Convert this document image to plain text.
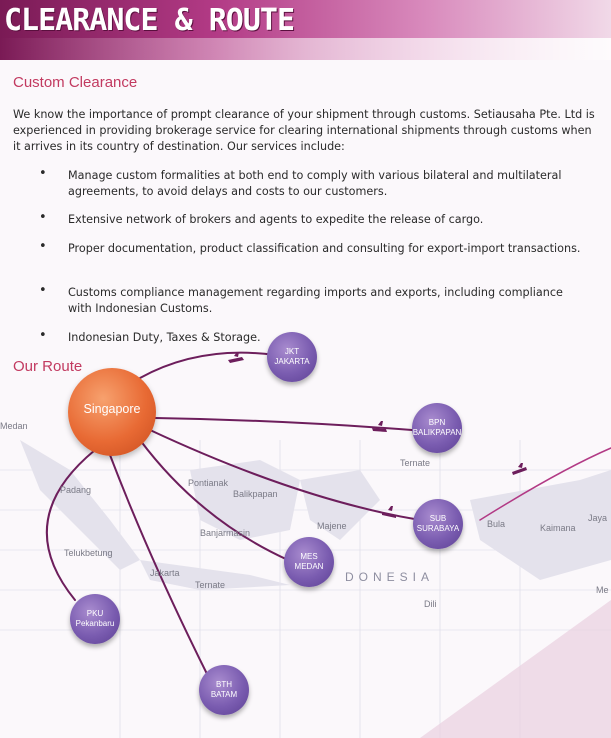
CLEARANCE & ROUTE
Custom Clearance
We know the importance of prompt clearance of your shipment through customs. Setiausaha Pte. Ltd is experienced in providing brokerage service for clearing international shipments through customs when it arrives in its country of destination. Our services include:
• Manage custom formalities at both end to comply with various bilateral and multilateral agreements, to avoid delays and costs to our customers.
• Extensive network of brokers and agents to expedite the release of cargo.
• Proper documentation, product classification and consulting for export-import transactions.
• Customs compliance management regarding imports and exports, including compliance with Indonesian Customs.
• Indonesian Duty, Taxes & Storage.
Our Route
Medan
Padang
Pontianak
Balikpapan
Ternate
Bula	Kaimana
Jaya
Banjarmasin
Majene
Telukbetung
Jakarta
Ternate
Dili
Me
DONESIA
Singapore
JKT
JAKARTA
BPN
BALIKPAPAN
SUB
SURABAYA
MES
MEDAN
PKU
Pekanbaru
BTH
BATAM
